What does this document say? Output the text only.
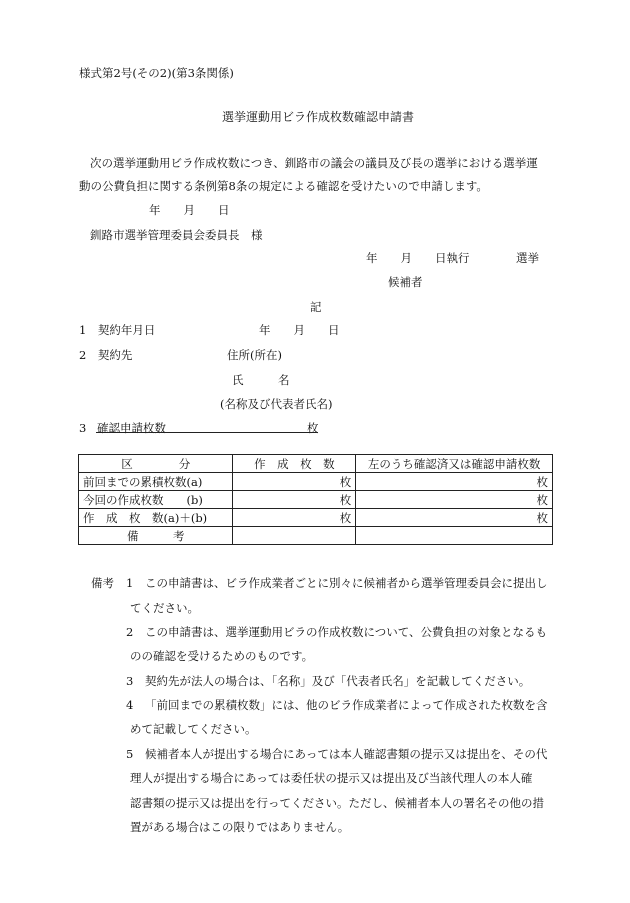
様式第2号(その2)(第3条関係)
選挙運動用ビラ作成枚数確認申請書
次の選挙運動用ビラ作成枚数につき、釧路市の議会の議員及び長の選挙における選挙運
動の公費負担に関する条例第8条の規定による確認を受けたいので申請します。
年　　月　　日
釧路市選挙管理委員会委員長　様
年　　月　　日執行	選挙
候補者
記
1　契約年月日	年　　月　　日
2　契約先	住所(所在)
氏　　　名
(名称及び代表者氏名)
3 確認申請枚数	枚
区　　　　分	作　成　枚　数	左のうち確認済又は確認申請枚数
前回までの累積枚数(a)	枚	枚
今回の作成枚数　　(b)	枚	枚
作　成　枚　数(a)＋(b)	枚	枚
備　　　考		
備考 1 この申請書は、ビラ作成業者ごとに別々に候補者から選挙管理委員会に提出し
てください。
2 この申請書は、選挙運動用ビラの作成枚数について、公費負担の対象となるも
のの確認を受けるためのものです。
3 契約先が法人の場合は、「名称」及び「代表者氏名」を記載してください。
4 「前回までの累積枚数」には、他のビラ作成業者によって作成された枚数を含
めて記載してください。
5 候補者本人が提出する場合にあっては本人確認書類の提示又は提出を、その代
理人が提出する場合にあっては委任状の提示又は提出及び当該代理人の本人確
認書類の提示又は提出を行ってください。ただし、候補者本人の署名その他の措
置がある場合はこの限りではありません。
